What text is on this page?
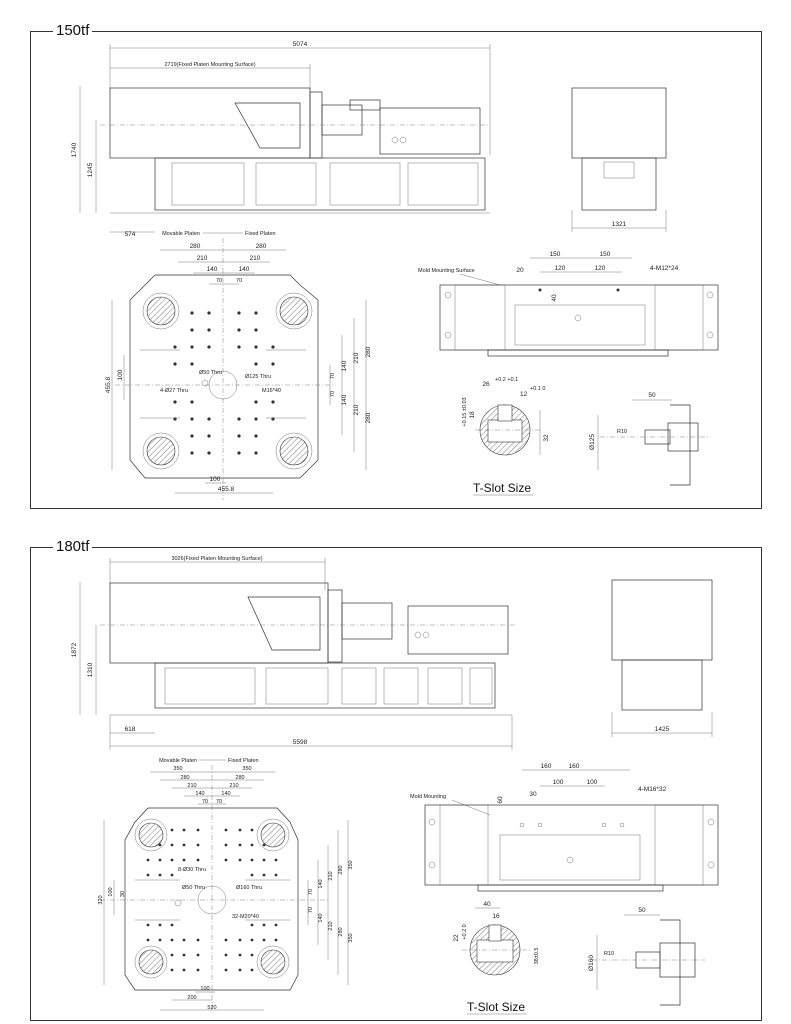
150tf
180tf
5074
2719(Fixed Platen Mounting Surface)
1740
1245
574
1321
Movable Platen	Fixed Platen
280	280
210	210
140	140
70	70
Ø50 Thru
4-Ø27 Thru
Ø125 Thru
M16*40
455.8
100
280
210
140
70
70
140
210
280
100
455.8
Mold Mounting Surface
150	150
20	120	120	4-M12*24
40
26
+0.2 +0.1
12
+0.1 0
18
+0.15 ±0.03
32
T-Slot Size
50
R10
Ø125
3026(Fixed Platen Mounting Surface)
1872
1310
618
5598
1425
Movable Platen	Fixed Platen
350	350
280	280
210	210
140	140
70 70
8-Ø30 Thru
Ø50 Thru	Ø160 Thru
32-M20*40
320
100 30
350
280
210
140
70
70
140
210
280
350
100
200
520
Mold Mounting
160	160
100	100
30
60
4-M16*32
40
16
22 +0.2 0
38±0.5
T-Slot Size
50
R10
Ø160
